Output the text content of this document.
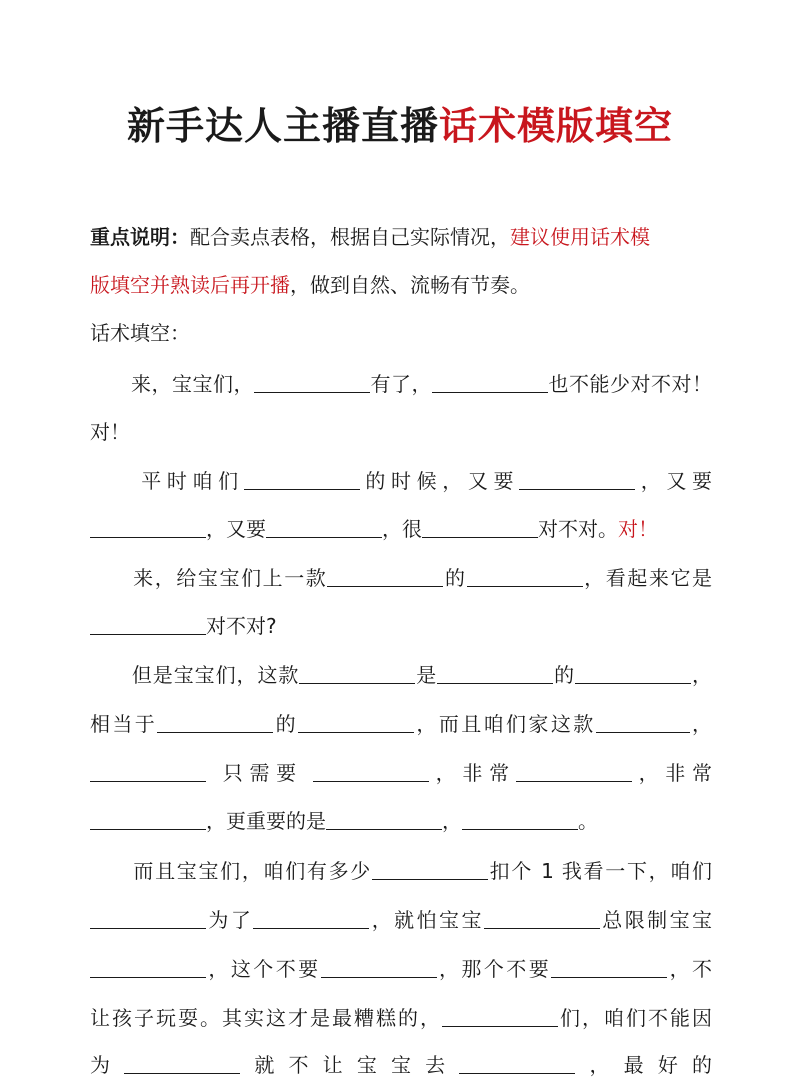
新手达人主播直播话术模版填空
重点说明：配合卖点表格，根据自己实际情况，建议使用话术模
版填空并熟读后再开播，做到自然、流畅有节奏。
话术填空：
　　来，宝宝们，	有了，	也不能少对不对！
对！
　　平时咱们	的时候，又要	，又要
，又要	，很	对不对。对！
　　来，给宝宝们上一款	的	，看起来它是
对不对?
　　但是宝宝们，这款	是	的	，
相当于	的	，而且咱们家这款	，
 只需要 	，非常	，非常
，更重要的是	，	。
　　而且宝宝们，咱们有多少	扣个 1 我看一下，咱们
为了	，就怕宝宝	总限制宝宝
，这个不要	，那个不要	，不
让孩子玩耍。其实这才是最糟糕的，	们，咱们不能因
为	就不让宝宝去	，最好的
